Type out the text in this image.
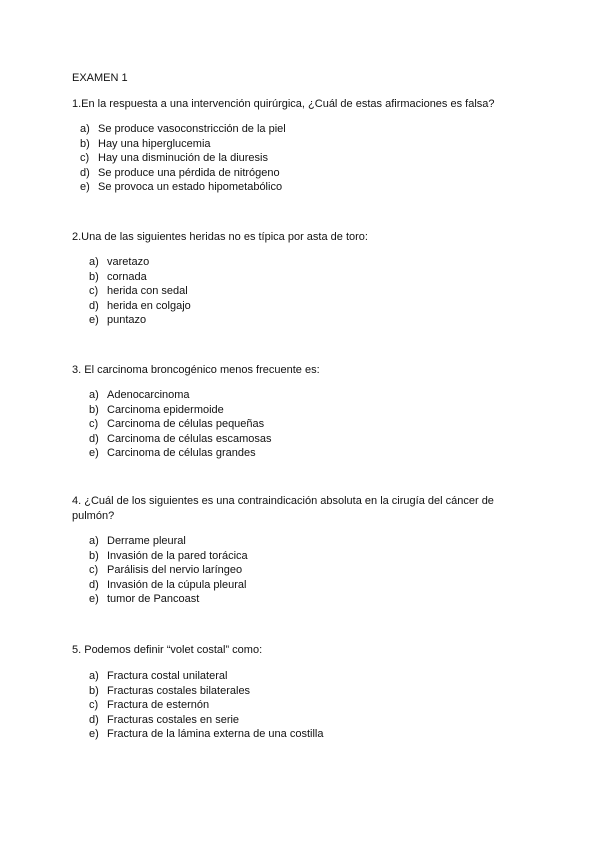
EXAMEN 1

1.En la respuesta a una intervención quirúrgica, ¿Cuál de estas afirmaciones es falsa?

a) Se produce vasoconstricción de la piel
b) Hay una hiperglucemia
c) Hay una disminución de la diuresis
d) Se produce una pérdida de nitrógeno
e) Se provoca un estado hipometabólico

2.Una de las siguientes heridas no es típica por asta de toro:

a) varetazo
b) cornada
c) herida con sedal
d) herida en colgajo
e) puntazo

3. El carcinoma broncogénico menos frecuente es:

a) Adenocarcinoma
b) Carcinoma epidermoide
c) Carcinoma de células pequeñas
d) Carcinoma de células escamosas
e) Carcinoma de células grandes

4. ¿Cuál de los siguientes es una contraindicación absoluta en la cirugía del cáncer de pulmón?

a) Derrame pleural
b) Invasión de la pared torácica
c) Parálisis del nervio laríngeo
d) Invasión de la cúpula pleural
e) tumor de Pancoast

5. Podemos definir “volet costal” como:

a) Fractura costal unilateral
b) Fracturas costales bilaterales
c) Fractura de esternón
d) Fracturas costales en serie
e) Fractura de la lámina externa de una costilla
